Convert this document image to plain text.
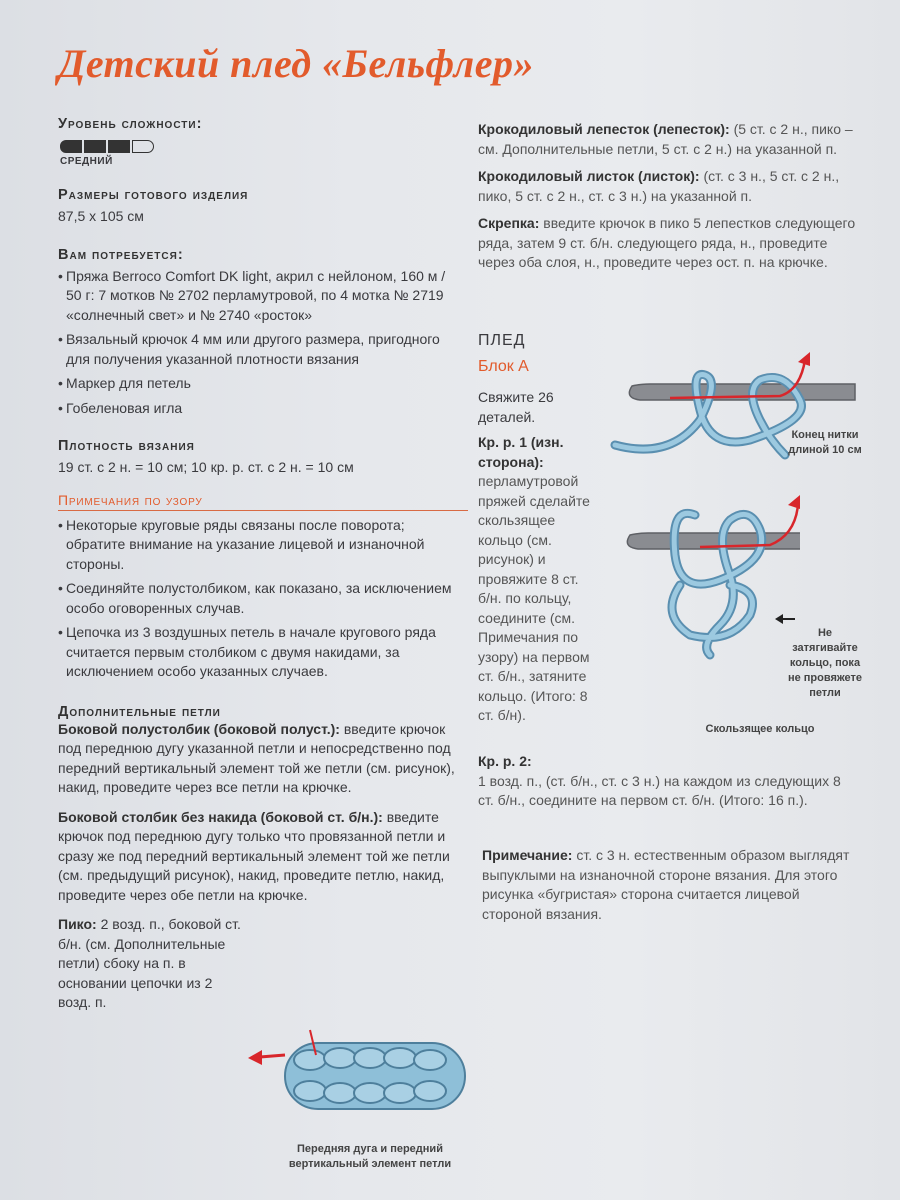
Детский плед «Бельфлер»
Уровень сложности:
СРЕДНИЙ
Размеры готового изделия

87,5 х 105 см

Вам потребуется:
• Пряжа Berroco Comfort DK light, акрил с нейлоном, 160 м / 50 г: 7 мотков № 2702 перламутровой, по 4 мотка № 2719 «солнечный свет» и № 2740 «росток»
• Вязальный крючок 4 мм или другого размера, пригодного для получения указанной плотности вязания
• Маркер для петель
• Гобеленовая игла
Плотность вязания

19 ст. с 2 н. = 10 см; 10 кр. р. ст. с 2 н. = 10 см

Примечания по узору
• Некоторые круговые ряды связаны после поворота; обратите внимание на указание лицевой и изнаночной стороны.
• Соединяйте полустолбиком, как показано, за исключением особо оговоренных случав.
• Цепочка из 3 воздушных петель в начале кругового ряда считается первым столбиком с двумя накидами, за исключением особо указанных случаев.
Дополнительные петли

Боковой полустолбик (боковой полуст.): введите крючок под переднюю дугу указанной петли и непосредственно под передний вертикальный элемент той же петли (см. рисунок), накид, проведите через все петли на крючке.

Боковой столбик без накида (боковой ст. б/н.): введите крючок под переднюю дугу только что провязанной петли и сразу же под передний вертикальный элемент той же петли (см. предыдущий рисунок), накид, проведите петлю, накид, проведите через обе петли на крючке.

Пико: 2 возд. п., боковой ст. б/н. (см. Дополнительные петли) сбоку на п. в основании цепочки из 2 возд. п.

Передняя дуга и передний вертикальный элемент петли

Крокодиловый лепесток (лепесток): (5 ст. с 2 н., пико – см. Дополнительные петли, 5 ст. с 2 н.) на указанной п.

Крокодиловый листок (листок): (ст. с 3 н., 5 ст. с 2 н., пико, 5 ст. с 2 н., ст. с 3 н.) на указанной п.

Скрепка: введите крючок в пико 5 лепестков следующего ряда, затем 9 ст. б/н. следующего ряда, н., проведите через оба слоя, н., проведите через ост. п. на крючке.

ПЛЕД
Блок А

Свяжите 26 деталей.

Кр. р. 1 (изн. сторона): перламутровой пряжей сделайте скользящее кольцо (см. рисунок) и провяжите 8 ст. б/н. по кольцу, соедините (см. Примечания по узору) на первом ст. б/н., затяните кольцо. (Итого: 8 ст. б/н).

Кр. р. 2:

1 возд. п., (ст. б/н., ст. с 3 н.) на каждом из следующих 8 ст. б/н., соедините на первом ст. б/н. (Итого: 16 п.).

Примечание: ст. с 3 н. естественным образом выглядят выпуклыми на изнаночной стороне вязания. Для этого рисунка «бугристая» сторона считается лицевой стороной вязания.

Конец нитки длиной 10 см
Не затягивайте кольцо, пока не провяжете петли
Скользящее кольцо
